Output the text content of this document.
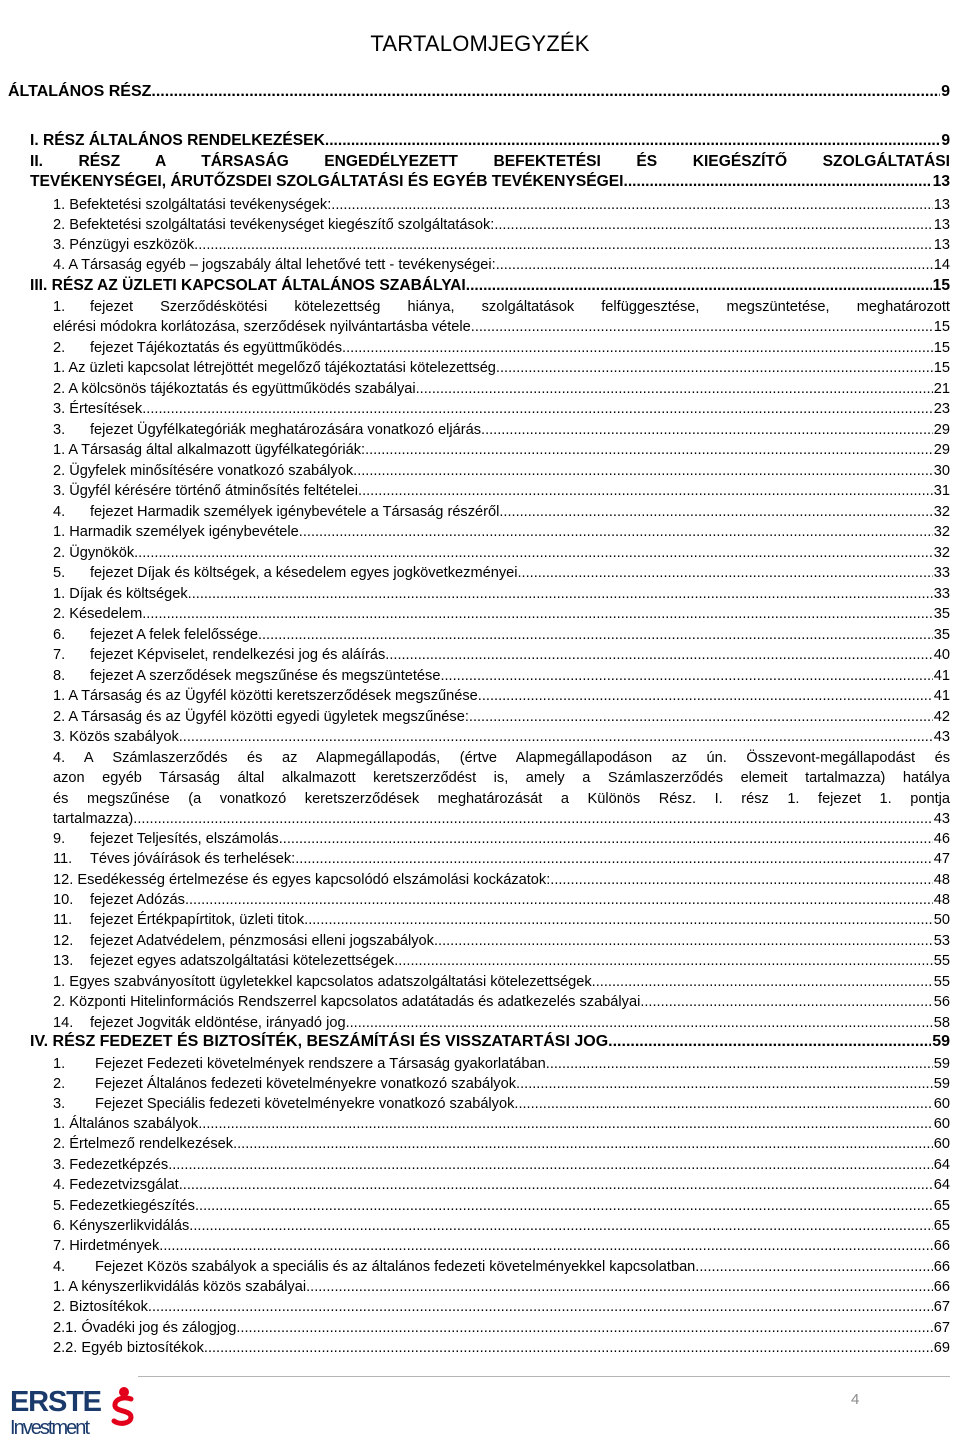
TARTALOMJEGYZÉK
ÁLTALÁNOS RÉSZ .....	9
I. RÉSZ ÁLTALÁNOS RENDELKEZÉSEK .....	9
II. RÉSZ A TÁRSASÁG ENGEDÉLYEZETT BEFEKTETÉSI ÉS KIEGÉSZÍTŐ SZOLGÁLTATÁSI
TEVÉKENYSÉGEI, ÁRUTŐZSDEI SZOLGÁLTATÁSI ÉS EGYÉB TEVÉKENYSÉGEI .....	13
1. Befektetési szolgáltatási tevékenységek: .....	13
2. Befektetési szolgáltatási tevékenységet kiegészítő szolgáltatások: .....	13
3. Pénzügyi eszközök .....	13
4. A Társaság egyéb – jogszabály által lehetővé tett - tevékenységei: .....	14
III. RÉSZ AZ ÜZLETI KAPCSOLAT ÁLTALÁNOS SZABÁLYAI .....	15
1. fejezet Szerződéskötési kötelezettség hiánya, szolgáltatások felfüggesztése, megszüntetése, meghatározott
elérési módokra korlátozása, szerződések nyilvántartásba vétele .....	15
2. fejezet Tájékoztatás és együttműködés .....	15
1. Az üzleti kapcsolat létrejöttét megelőző tájékoztatási kötelezettség .....	15
2. A kölcsönös tájékoztatás és együttműködés szabályai .....	21
3. Értesítések .....	23
3. fejezet Ügyfélkategóriák meghatározására vonatkozó eljárás .....	29
1. A Társaság által alkalmazott ügyfélkategóriák: .....	29
2. Ügyfelek minősítésére vonatkozó szabályok .....	30
3. Ügyfél kérésére történő átminősítés feltételei .....	31
4. fejezet Harmadik személyek igénybevétele a Társaság részéről .....	32
1. Harmadik személyek igénybevétele .....	32
2. Ügynökök .....	32
5. fejezet Díjak és költségek, a késedelem egyes jogkövetkezményei .....	33
1. Díjak és költségek .....	33
2. Késedelem .....	35
6. fejezet A felek felelőssége .....	35
7. fejezet Képviselet, rendelkezési jog és aláírás .....	40
8. fejezet A szerződések megszűnése és megszüntetése .....	41
1. A Társaság és az Ügyfél közötti keretszerződések megszűnése .....	41
2. A Társaság és az Ügyfél közötti egyedi ügyletek megszűnése: .....	42
3. Közös szabályok .....	43
4. A Számlaszerződés és az Alapmegállapodás, (értve Alapmegállapodáson az ún. Összevont-megállapodást és
azon egyéb Társaság által alkalmazott keretszerződést is, amely a Számlaszerződés elemeit tartalmazza) hatálya
és megszűnése (a vonatkozó keretszerződések meghatározását a Különös Rész. I. rész 1. fejezet 1. pontja
tartalmazza) .....	43
9. fejezet Teljesítés, elszámolás .....	46
11. Téves jóváírások és terhelések: .....	47
12. Esedékesség értelmezése és egyes kapcsolódó elszámolási kockázatok: .....	48
10. fejezet Adózás .....	48
11. fejezet Értékpapírtitok, üzleti titok .....	50
12. fejezet Adatvédelem, pénzmosási elleni jogszabályok .....	53
13. fejezet egyes adatszolgáltatási kötelezettségek .....	55
1. Egyes szabványosított ügyletekkel kapcsolatos adatszolgáltatási kötelezettségek .....	55
2. Központi Hitelinformációs Rendszerrel kapcsolatos adatátadás és adatkezelés szabályai .....	56
14. fejezet Jogviták eldöntése, irányadó jog .....	58
IV. RÉSZ FEDEZET ÉS BIZTOSÍTÉK, BESZÁMÍTÁSI ÉS VISSZATARTÁSI JOG .....	59
1. Fejezet Fedezeti követelmények rendszere a Társaság gyakorlatában .....	59
2. Fejezet Általános fedezeti követelményekre vonatkozó szabályok .....	59
3. Fejezet Speciális fedezeti követelményekre vonatkozó szabályok .....	60
1. Általános szabályok .....	60
2. Értelmező rendelkezések .....	60
3. Fedezetképzés .....	64
4. Fedezetvizsgálat .....	64
5. Fedezetkiegészítés .....	65
6. Kényszerlikvidálás .....	65
7. Hirdetmények .....	66
4. Fejezet Közös szabályok a speciális és az általános fedezeti követelményekkel kapcsolatban .....	66
1. A kényszerlikvidálás közös szabályai .....	66
2. Biztosítékok .....	67
2.1. Óvadéki jog és zálogjog .....	67
2.2. Egyéb biztosítékok .....	69
ERSTE
Investment
4
